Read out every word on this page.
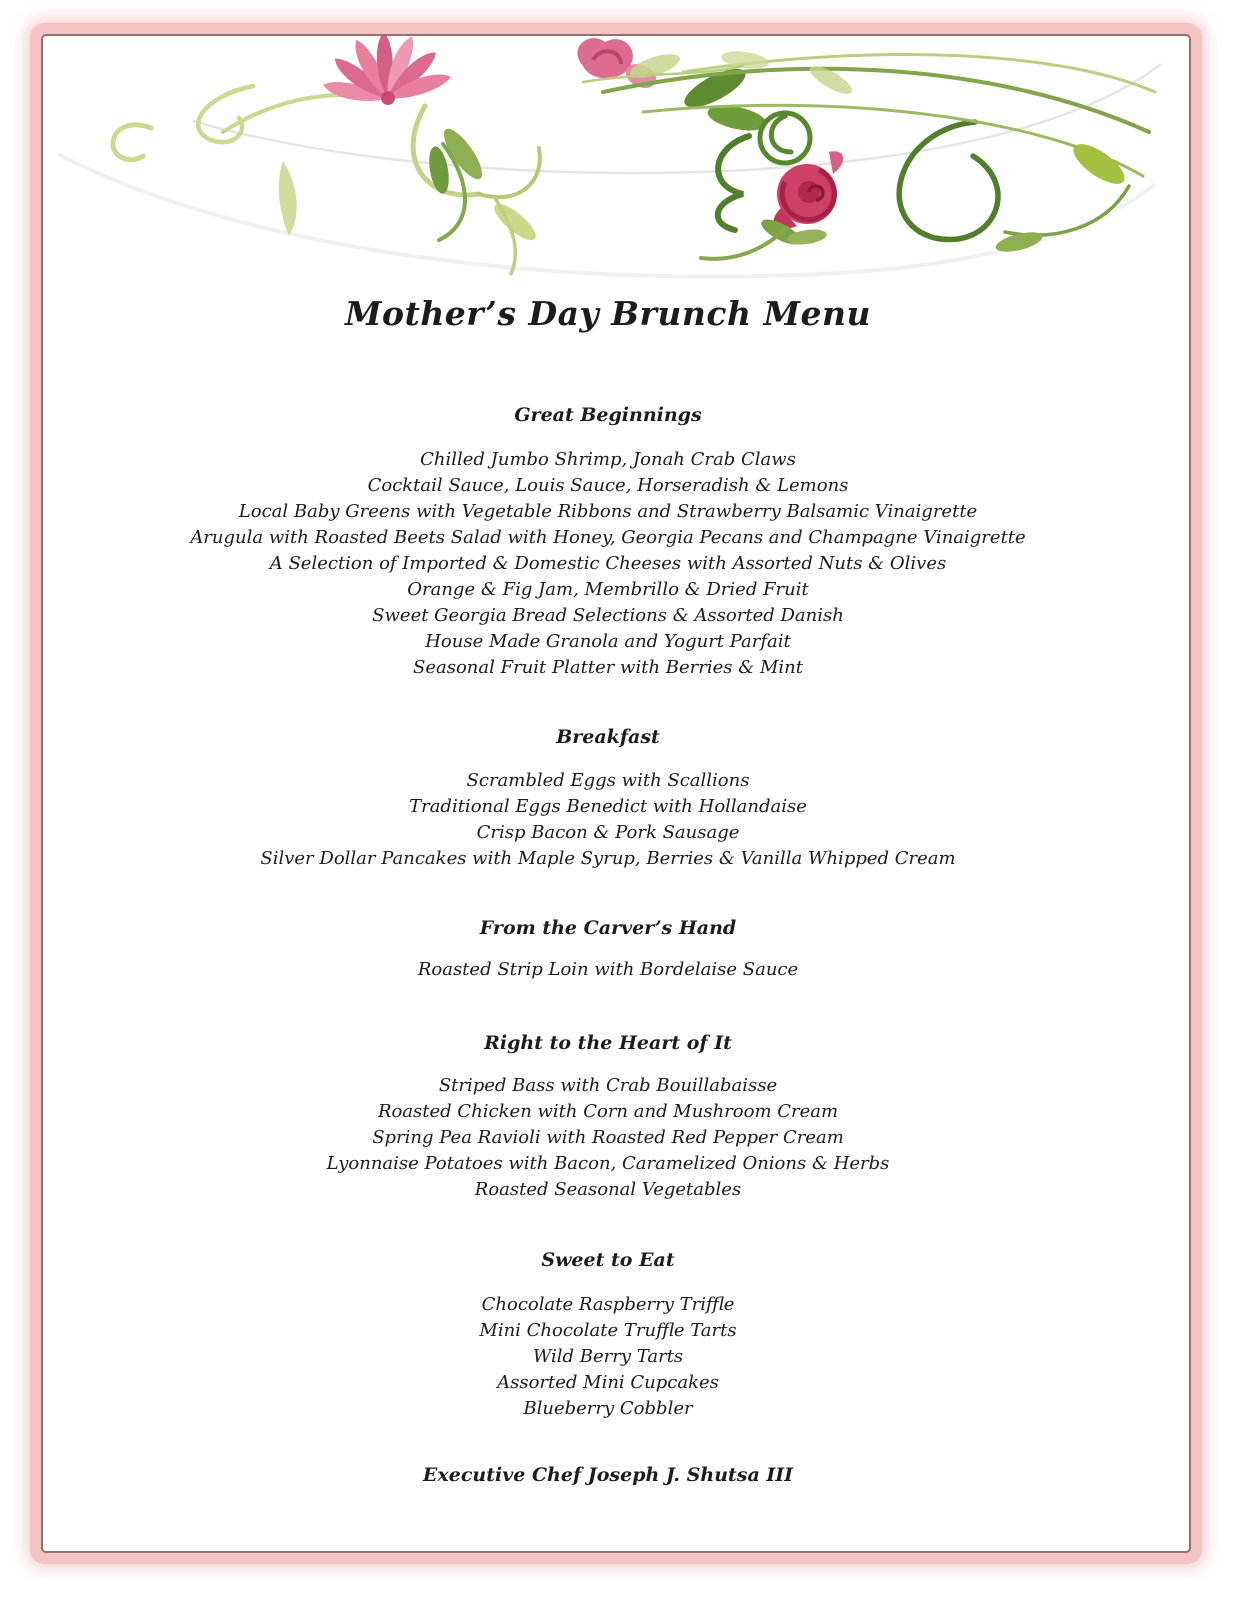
Mother’s Day Brunch Menu
Great Beginnings
Chilled Jumbo Shrimp, Jonah Crab Claws
Cocktail Sauce, Louis Sauce, Horseradish & Lemons
Local Baby Greens with Vegetable Ribbons and Strawberry Balsamic Vinaigrette
Arugula with Roasted Beets Salad with Honey, Georgia Pecans and Champagne Vinaigrette
A Selection of Imported & Domestic Cheeses with Assorted Nuts & Olives
Orange & Fig Jam, Membrillo & Dried Fruit
Sweet Georgia Bread Selections & Assorted Danish
House Made Granola and Yogurt Parfait
Seasonal Fruit Platter with Berries & Mint
Breakfast
Scrambled Eggs with Scallions
Traditional Eggs Benedict with Hollandaise
Crisp Bacon & Pork Sausage
Silver Dollar Pancakes with Maple Syrup, Berries & Vanilla Whipped Cream
From the Carver’s Hand
Roasted Strip Loin with Bordelaise Sauce
Right to the Heart of It
Striped Bass with Crab Bouillabaisse
Roasted Chicken with Corn and Mushroom Cream
Spring Pea Ravioli with Roasted Red Pepper Cream
Lyonnaise Potatoes with Bacon, Caramelized Onions & Herbs
Roasted Seasonal Vegetables
Sweet to Eat
Chocolate Raspberry Triffle
Mini Chocolate Truffle Tarts
Wild Berry Tarts
Assorted Mini Cupcakes
Blueberry Cobbler
Executive Chef Joseph J. Shutsa III
